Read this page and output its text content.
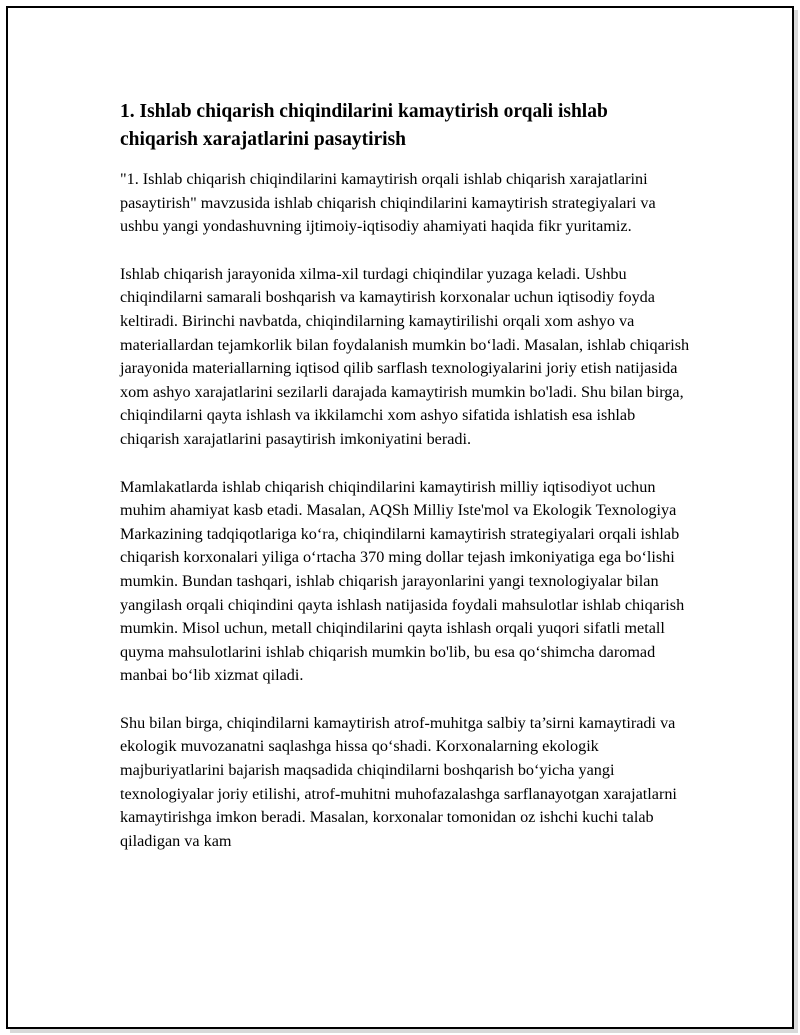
1. Ishlab chiqarish chiqindilarini kamaytirish orqali ishlab chiqarish xarajatlarini pasaytirish

"1. Ishlab chiqarish chiqindilarini kamaytirish orqali ishlab chiqarish xarajatlarini pasaytirish" mavzusida ishlab chiqarish chiqindilarini kamaytirish strategiyalari va ushbu yangi yondashuvning ijtimoiy-iqtisodiy ahamiyati haqida fikr yuritamiz.

Ishlab chiqarish jarayonida xilma-xil turdagi chiqindilar yuzaga keladi. Ushbu chiqindilarni samarali boshqarish va kamaytirish korxonalar uchun iqtisodiy foyda keltiradi. Birinchi navbatda, chiqindilarning kamaytirilishi orqali xom ashyo va materiallardan tejamkorlik bilan foydalanish mumkin bo‘ladi. Masalan, ishlab chiqarish jarayonida materiallarning iqtisod qilib sarflash texnologiyalarini joriy etish natijasida xom ashyo xarajatlarini sezilarli darajada kamaytirish mumkin bo'ladi. Shu bilan birga, chiqindilarni qayta ishlash va ikkilamchi xom ashyo sifatida ishlatish esa ishlab chiqarish xarajatlarini pasaytirish imkoniyatini beradi.

Mamlakatlarda ishlab chiqarish chiqindilarini kamaytirish milliy iqtisodiyot uchun muhim ahamiyat kasb etadi. Masalan, AQSh Milliy Iste'mol va Ekologik Texnologiya Markazining tadqiqotlariga ko‘ra, chiqindilarni kamaytirish strategiyalari orqali ishlab chiqarish korxonalari yiliga o‘rtacha 370 ming dollar tejash imkoniyatiga ega bo‘lishi mumkin. Bundan tashqari, ishlab chiqarish jarayonlarini yangi texnologiyalar bilan yangilash orqali chiqindini qayta ishlash natijasida foydali mahsulotlar ishlab chiqarish mumkin. Misol uchun, metall chiqindilarini qayta ishlash orqali yuqori sifatli metall quyma mahsulotlarini ishlab chiqarish mumkin bo'lib, bu esa qo‘shimcha daromad manbai bo‘lib xizmat qiladi.

Shu bilan birga, chiqindilarni kamaytirish atrof-muhitga salbiy ta’sirni kamaytiradi va ekologik muvozanatni saqlashga hissa qo‘shadi. Korxonalarning ekologik majburiyatlarini bajarish maqsadida chiqindilarni boshqarish bo‘yicha yangi texnologiyalar joriy etilishi, atrof-muhitni muhofazalashga sarflanayotgan xarajatlarni kamaytirishga imkon beradi. Masalan, korxonalar tomonidan oz ishchi kuchi talab qiladigan va kam
